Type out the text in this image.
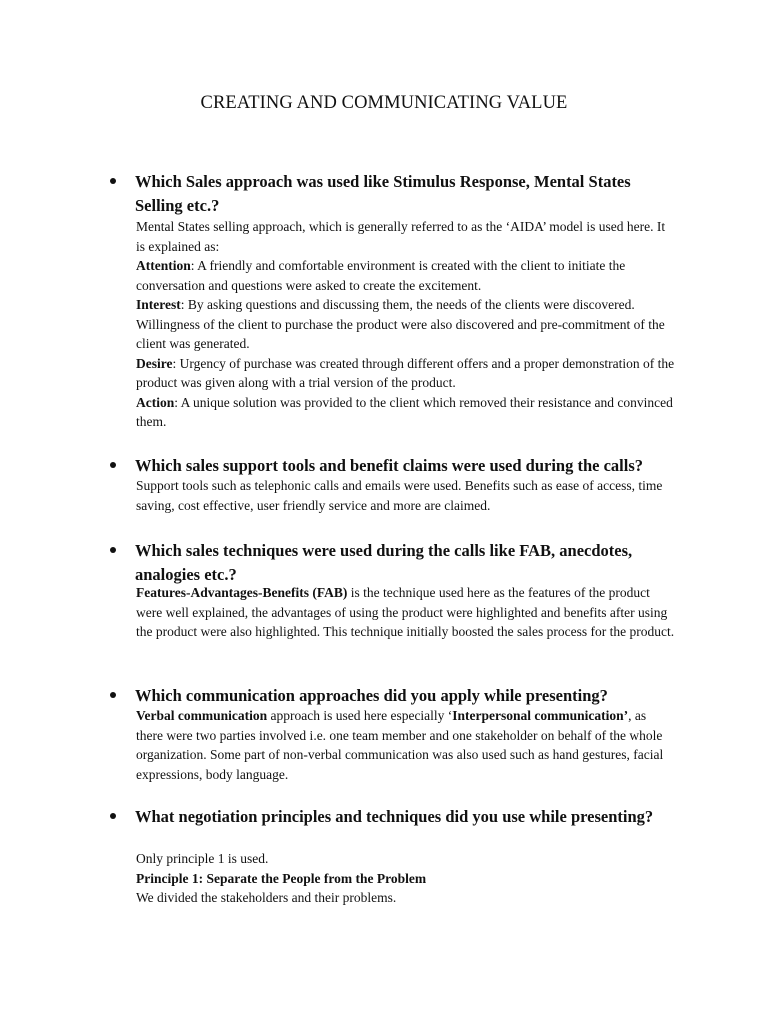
CREATING AND COMMUNICATING VALUE
Which Sales approach was used like Stimulus Response, Mental States Selling etc.?

Mental States selling approach, which is generally referred to as the ‘AIDA’ model is used here. It is explained as:

Attention: A friendly and comfortable environment is created with the client to initiate the conversation and questions were asked to create the excitement.

Interest: By asking questions and discussing them, the needs of the clients were discovered. Willingness of the client to purchase the product were also discovered and pre-commitment of the client was generated.

Desire: Urgency of purchase was created through different offers and a proper demonstration of the product was given along with a trial version of the product.

Action: A unique solution was provided to the client which removed their resistance and convinced them.

Which sales support tools and benefit claims were used during the calls?

Support tools such as telephonic calls and emails were used. Benefits such as ease of access, time saving, cost effective, user friendly service and more are claimed.

Which sales techniques were used during the calls like FAB, anecdotes, analogies etc.?

Features-Advantages-Benefits (FAB) is the technique used here as the features of the product were well explained, the advantages of using the product were highlighted and benefits after using the product were also highlighted. This technique initially boosted the sales process for the product.

Which communication approaches did you apply while presenting?

Verbal communication approach is used here especially ‘Interpersonal communication’, as there were two parties involved i.e. one team member and one stakeholder on behalf of the whole organization. Some part of non-verbal communication was also used such as hand gestures, facial expressions, body language.

What negotiation principles and techniques did you use while presenting?

Only principle 1 is used.

Principle 1: Separate the People from the Problem

We divided the stakeholders and their problems.
